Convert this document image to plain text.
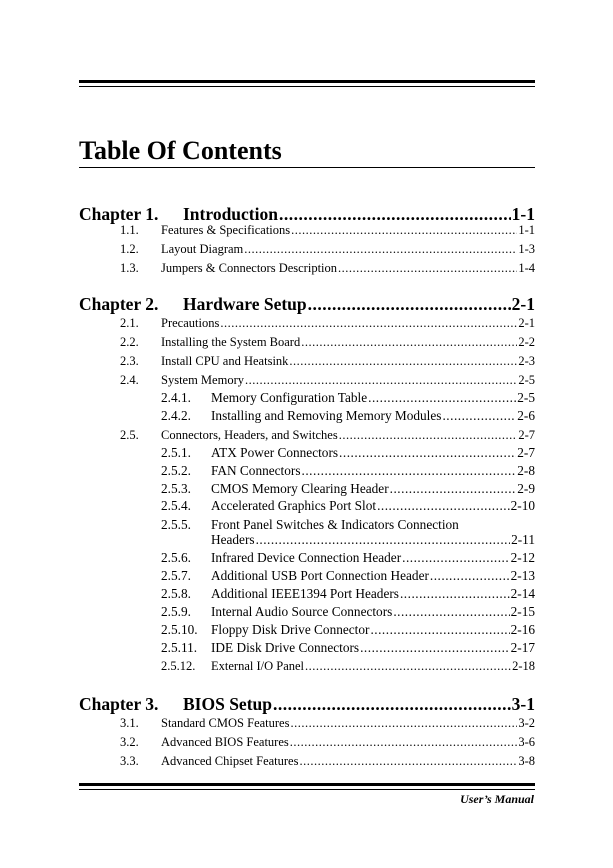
Table Of Contents
Chapter 1.	Introduction .....	1-1
1.1. Features & Specifications .....	1-1
1.2. Layout Diagram .....	1-3
1.3. Jumpers & Connectors Description .....	1-4
Chapter 2.	Hardware Setup .....	2-1
2.1. Precautions .....	2-1
2.2. Installing the System Board .....	2-2
2.3. Install CPU and Heatsink .....	2-3
2.4. System Memory .....	2-5
2.4.1. Memory Configuration Table .....	2-5
2.4.2. Installing and Removing Memory Modules .....	2-6
2.5. Connectors, Headers, and Switches .....	2-7
2.5.1. ATX Power Connectors .....	2-7
2.5.2. FAN Connectors .....	2-8
2.5.3. CMOS Memory Clearing Header .....	2-9
2.5.4. Accelerated Graphics Port Slot .....	2-10
2.5.5. Front Panel Switches & Indicators Connection
Headers .....	2-11
2.5.6. Infrared Device Connection Header .....	2-12
2.5.7. Additional USB Port Connection Header .....	2-13
2.5.8. Additional IEEE1394 Port Headers .....	2-14
2.5.9. Internal Audio Source Connectors .....	2-15
2.5.10. Floppy Disk Drive Connector .....	2-16
2.5.11. IDE Disk Drive Connectors .....	2-17
2.5.12. External I/O Panel .....	2-18
Chapter 3.	BIOS Setup .....	3-1
3.1. Standard CMOS Features .....	3-2
3.2. Advanced BIOS Features .....	3-6
3.3. Advanced Chipset Features .....	3-8
User’s Manual
